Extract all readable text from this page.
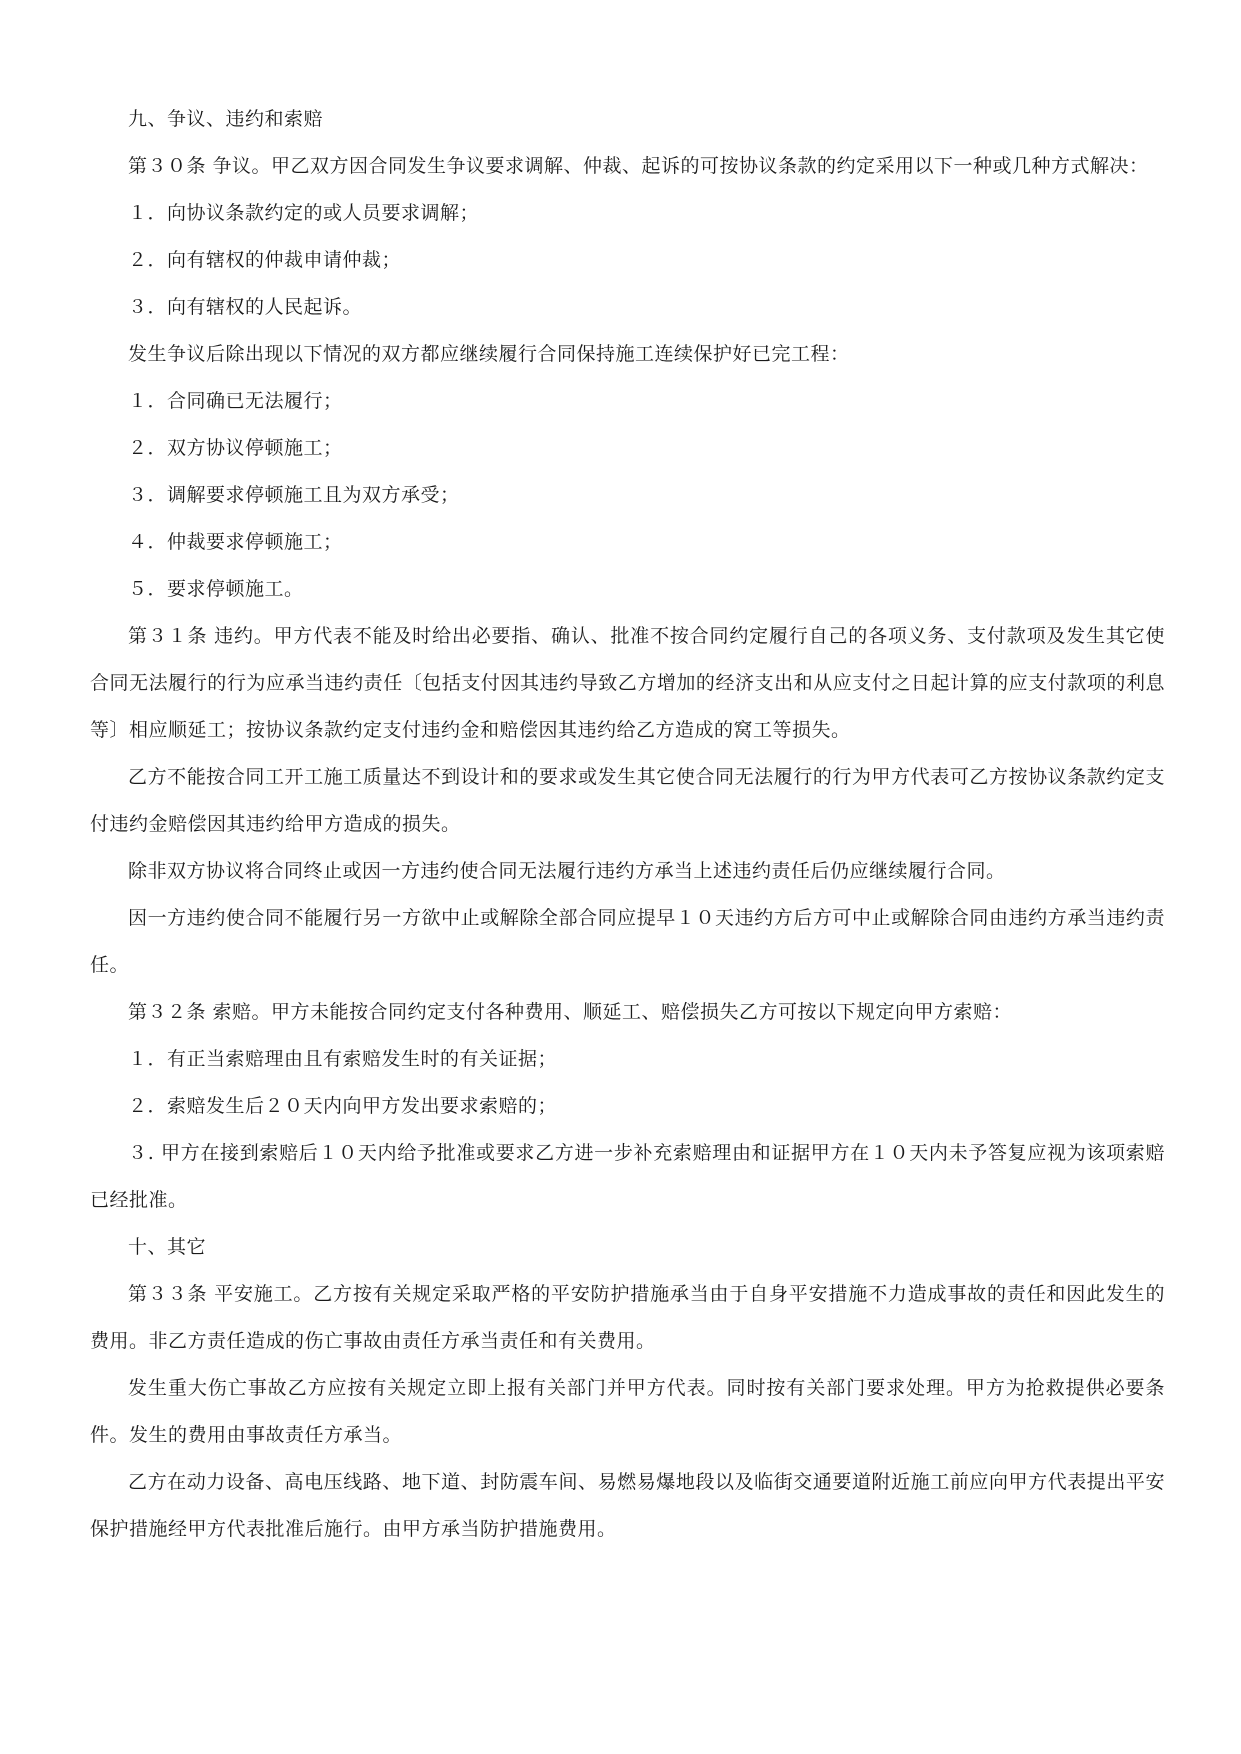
九、争议、违约和索赔

第３０条 争议。甲乙双方因合同发生争议要求调解、仲裁、起诉的可按协议条款的约定采用以下一种或几种方式解决：

１．向协议条款约定的或人员要求调解；

２．向有辖权的仲裁申请仲裁；

３．向有辖权的人民起诉。

发生争议后除出现以下情况的双方都应继续履行合同保持施工连续保护好已完工程：

１．合同确已无法履行；

２．双方协议停顿施工；

３．调解要求停顿施工且为双方承受；

４．仲裁要求停顿施工；

５．要求停顿施工。

第３１条 违约。甲方代表不能及时给出必要指、确认、批准不按合同约定履行自己的各项义务、支付款项及发生其它使合同无法履行的行为应承当违约责任〔包括支付因其违约导致乙方增加的经济支出和从应支付之日起计算的应支付款项的利息等〕相应顺延工；按协议条款约定支付违约金和赔偿因其违约给乙方造成的窝工等损失。

乙方不能按合同工开工施工质量达不到设计和的要求或发生其它使合同无法履行的行为甲方代表可乙方按协议条款约定支付违约金赔偿因其违约给甲方造成的损失。

除非双方协议将合同终止或因一方违约使合同无法履行违约方承当上述违约责任后仍应继续履行合同。

因一方违约使合同不能履行另一方欲中止或解除全部合同应提早１０天违约方后方可中止或解除合同由违约方承当违约责任。

第３２条 索赔。甲方未能按合同约定支付各种费用、顺延工、赔偿损失乙方可按以下规定向甲方索赔：

１．有正当索赔理由且有索赔发生时的有关证据；

２．索赔发生后２０天内向甲方发出要求索赔的；

３. 甲方在接到索赔后１０天内给予批准或要求乙方进一步补充索赔理由和证据甲方在１０天内未予答复应视为该项索赔已经批准。

十、其它

第３３条 平安施工。乙方按有关规定采取严格的平安防护措施承当由于自身平安措施不力造成事故的责任和因此发生的费用。非乙方责任造成的伤亡事故由责任方承当责任和有关费用。

发生重大伤亡事故乙方应按有关规定立即上报有关部门并甲方代表。同时按有关部门要求处理。甲方为抢救提供必要条件。发生的费用由事故责任方承当。

乙方在动力设备、高电压线路、地下道、封防震车间、易燃易爆地段以及临街交通要道附近施工前应向甲方代表提出平安保护措施经甲方代表批准后施行。由甲方承当防护措施费用。
